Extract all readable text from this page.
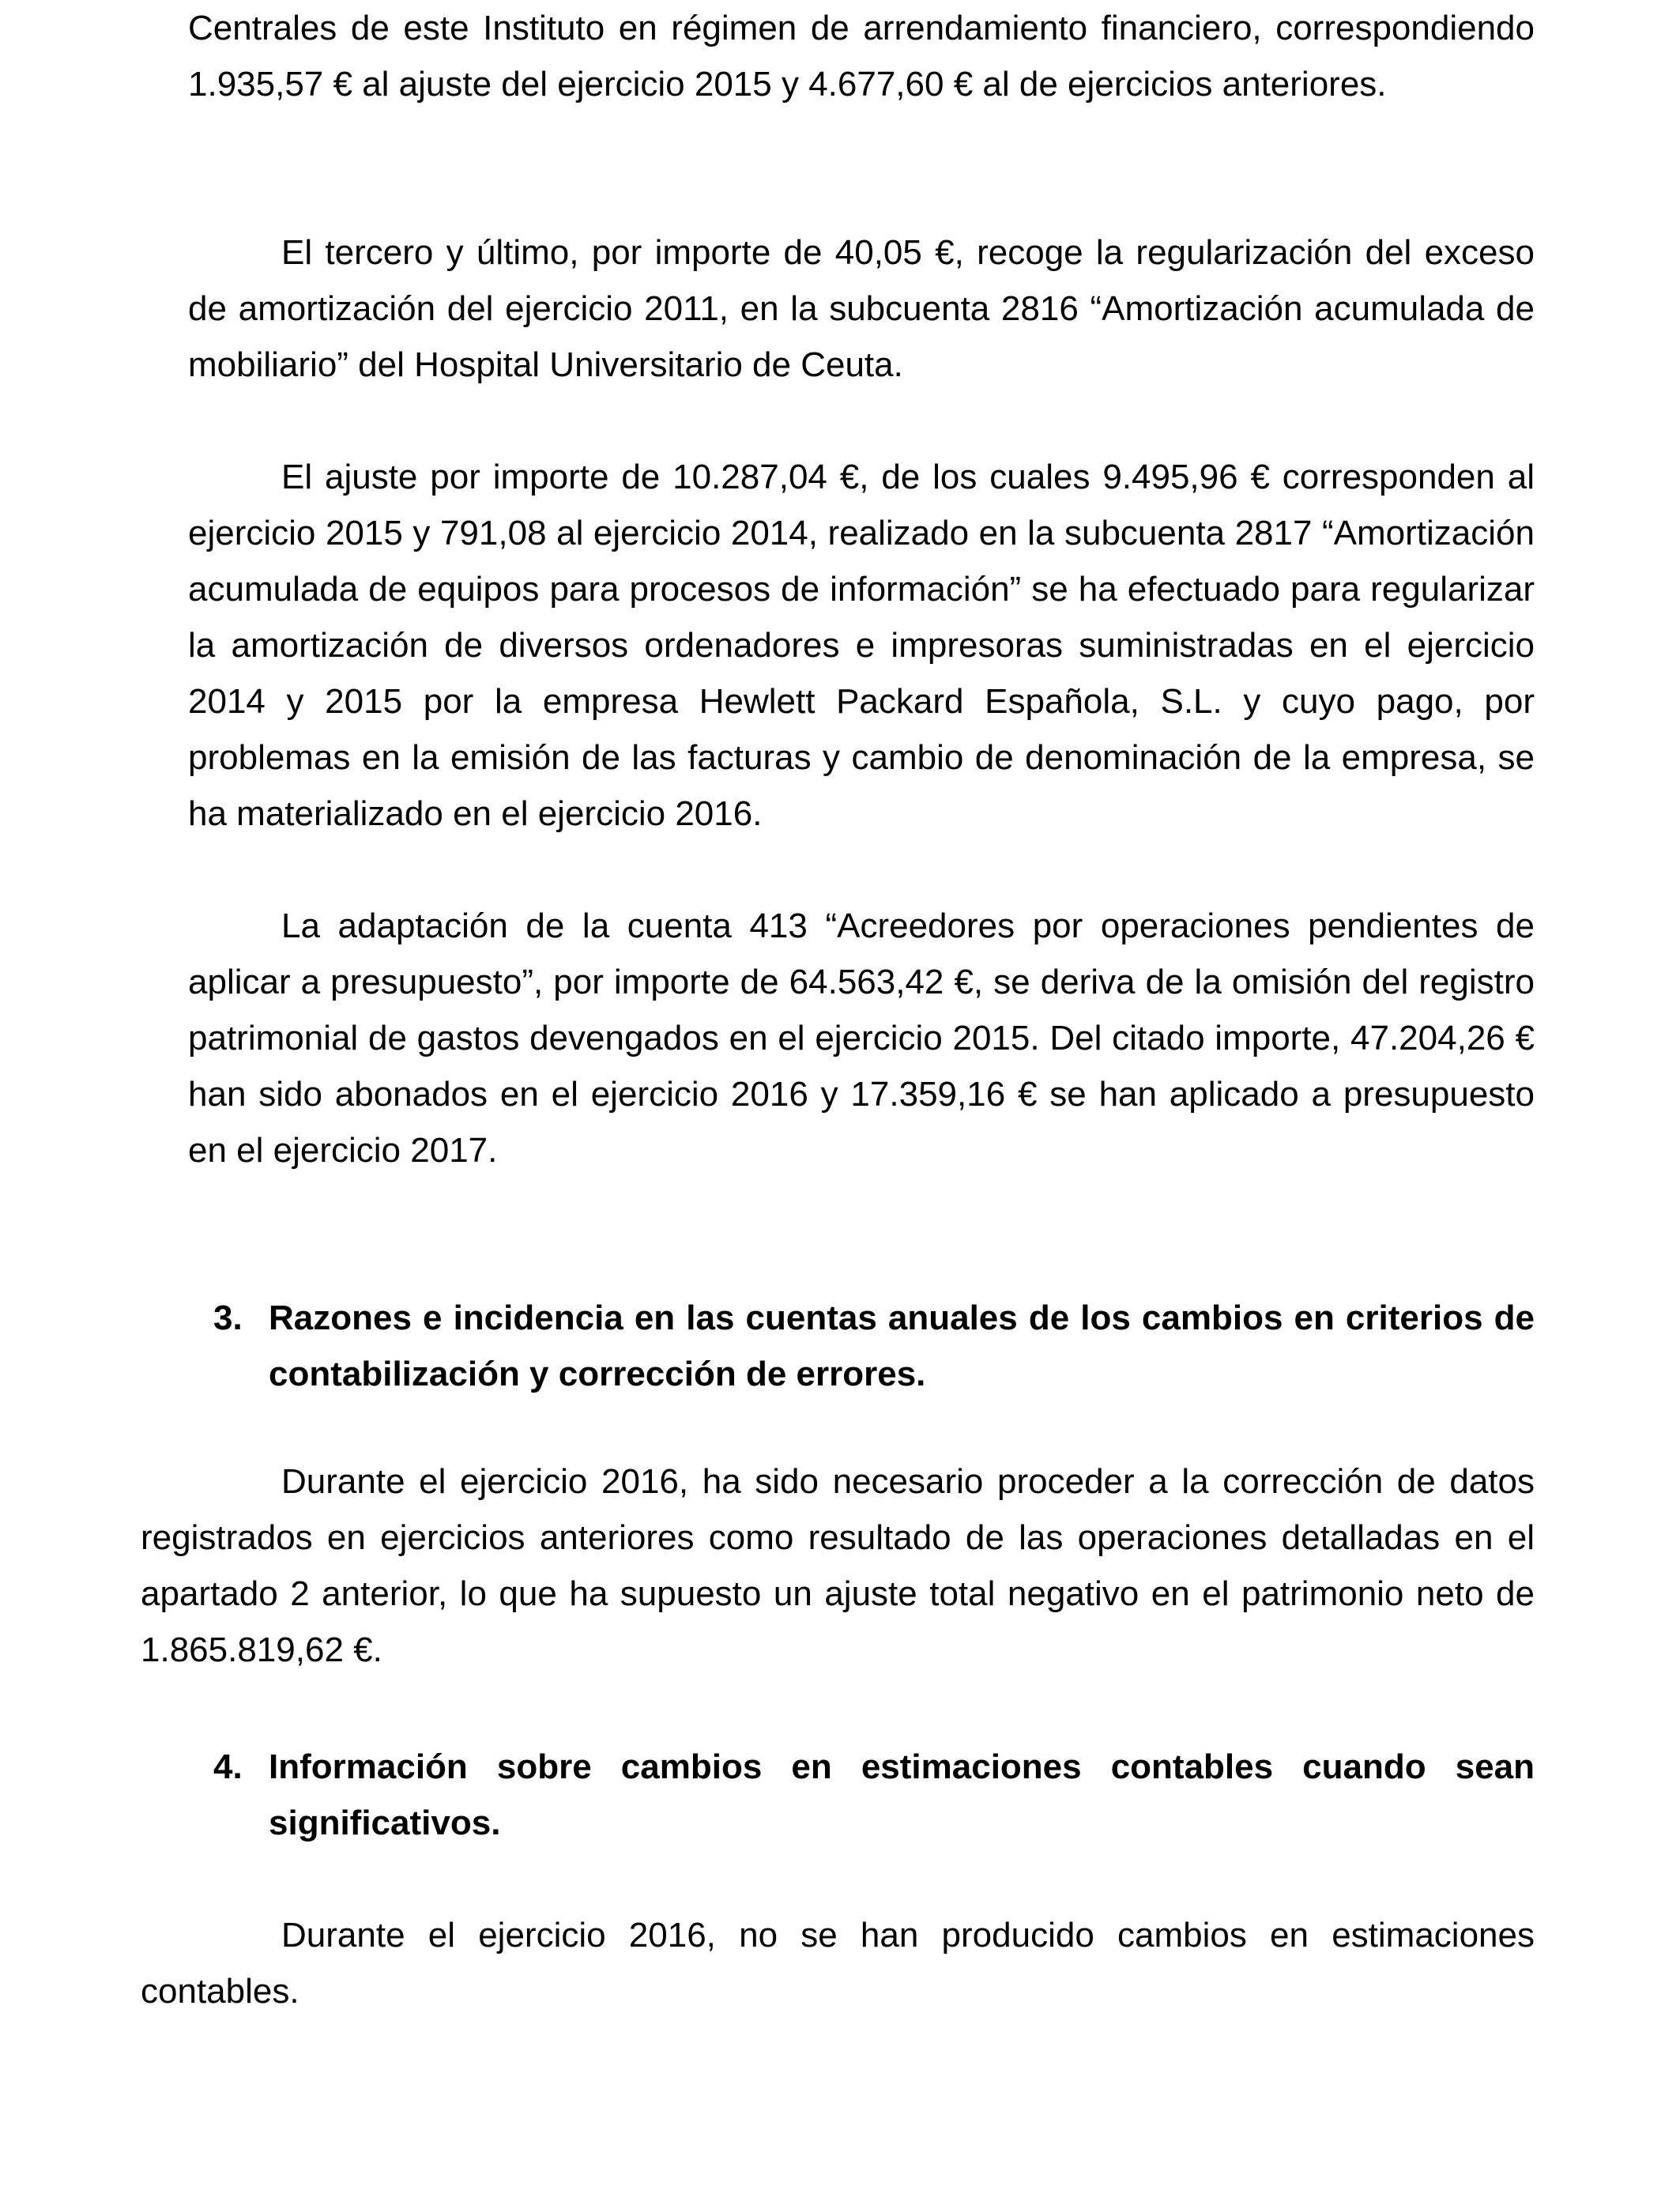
Centrales de este Instituto en régimen de arrendamiento financiero, correspondiendo 1.935,57 € al ajuste del ejercicio 2015 y 4.677,60 € al de ejercicios anteriores.

El tercero y último, por importe de 40,05 €, recoge la regularización del exceso de amortización del ejercicio 2011, en la subcuenta 2816 “Amortización acumulada de mobiliario” del Hospital Universitario de Ceuta.

El ajuste por importe de 10.287,04 €, de los cuales 9.495,96 € corresponden al ejercicio 2015 y 791,08 al ejercicio 2014, realizado en la subcuenta 2817 “Amortización acumulada de equipos para procesos de información” se ha efectuado para regularizar la amortización de diversos ordenadores e impresoras suministradas en el ejercicio 2014 y 2015 por la empresa Hewlett Packard Española, S.L. y cuyo pago, por problemas en la emisión de las facturas y cambio de denominación de la empresa, se ha materializado en el ejercicio 2016.

La adaptación de la cuenta 413 “Acreedores por operaciones pendientes de aplicar a presupuesto”, por importe de 64.563,42 €, se deriva de la omisión del registro patrimonial de gastos devengados en el ejercicio 2015. Del citado importe, 47.204,26 € han sido abonados en el ejercicio 2016 y 17.359,16 € se han aplicado a presupuesto en el ejercicio 2017.

3. Razones e incidencia en las cuentas anuales de los cambios en criterios de contabilización y corrección de errores.

Durante el ejercicio 2016, ha sido necesario proceder a la corrección de datos registrados en ejercicios anteriores como resultado de las operaciones detalladas en el apartado 2 anterior, lo que ha supuesto un ajuste total negativo en el patrimonio neto de 1.865.819,62 €.

4. Información sobre cambios en estimaciones contables cuando sean significativos.

Durante el ejercicio 2016, no se han producido cambios en estimaciones contables.
